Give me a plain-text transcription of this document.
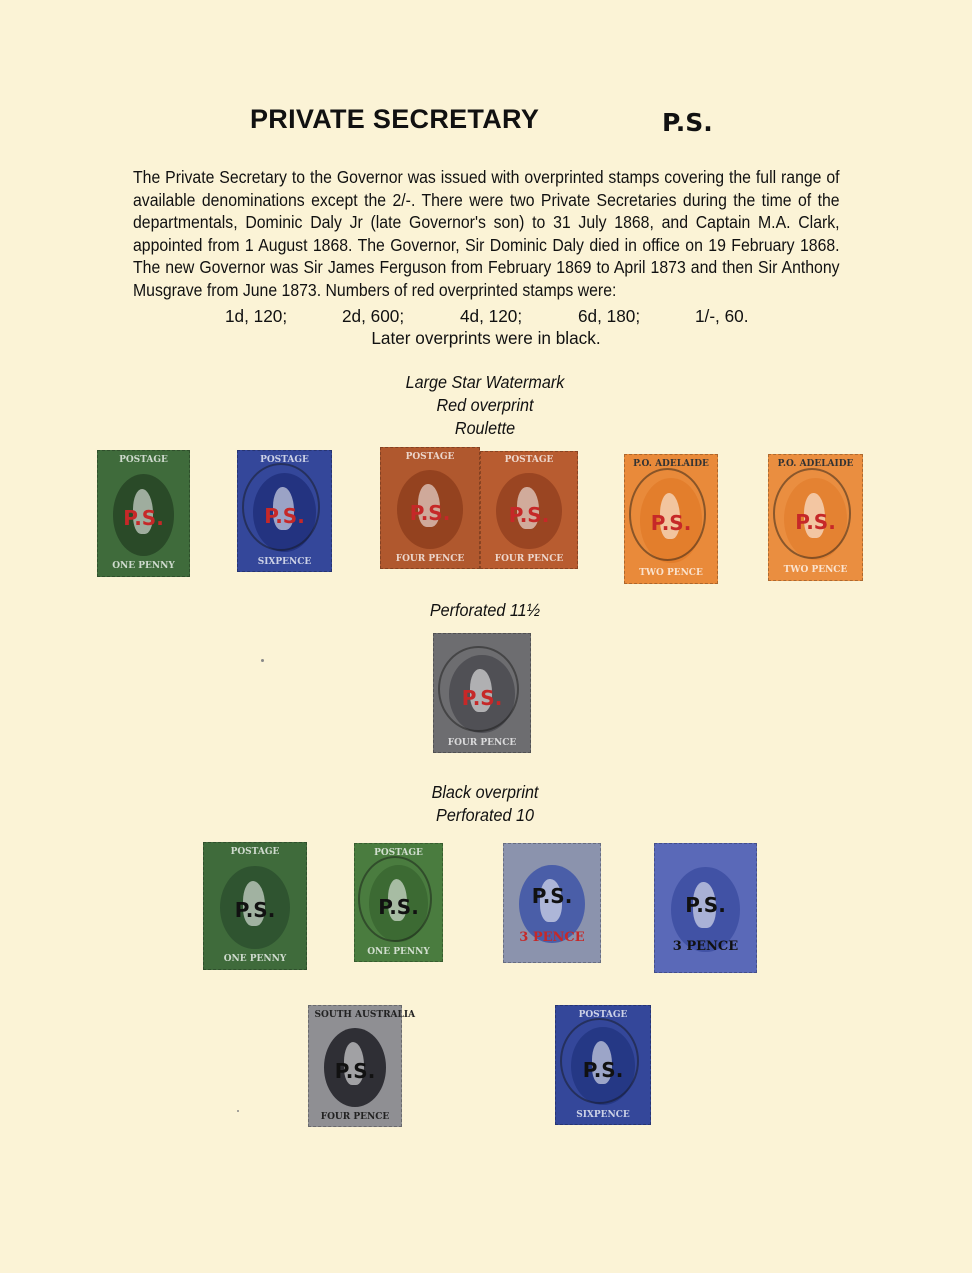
PRIVATE SECRETARY	P.S.
The Private Secretary to the Governor was issued with overprinted stamps covering the full range of available denominations except the 2/-. There were two Private Secretaries during the time of the departmentals, Dominic Daly Jr (late Governor's son) to 31 July 1868, and Captain M.A. Clark, appointed from 1 August 1868. The Governor, Sir Dominic Daly died in office on 19 February 1868. The new Governor was Sir James Ferguson from February 1869 to April 1873 and then Sir Anthony Musgrave from June 1873. Numbers of red overprinted stamps were:
1d, 120;	2d, 600;	4d, 120;	6d, 180;	1/-, 60.
Later overprints were in black.
Large Star Watermark
Red overprint
Roulette
POSTAGE
P.S.
ONE PENNY
POSTAGE
P.S.
SIXPENCE
POSTAGE
P.S.
FOUR PENCE
POSTAGE
P.S.
FOUR PENCE
P.O. ADELAIDE
P.S.
TWO PENCE
P.O. ADELAIDE
P.S.
TWO PENCE
Perforated 11½
P.S.
FOUR PENCE
Black overprint
Perforated 10
POSTAGE
P.S.
ONE PENNY
POSTAGE
P.S.
ONE PENNY
P.S.
3 PENCE
P.S.
3 PENCE
SOUTH AUSTRALIA
P.S.
FOUR PENCE
POSTAGE
P.S.
SIXPENCE
